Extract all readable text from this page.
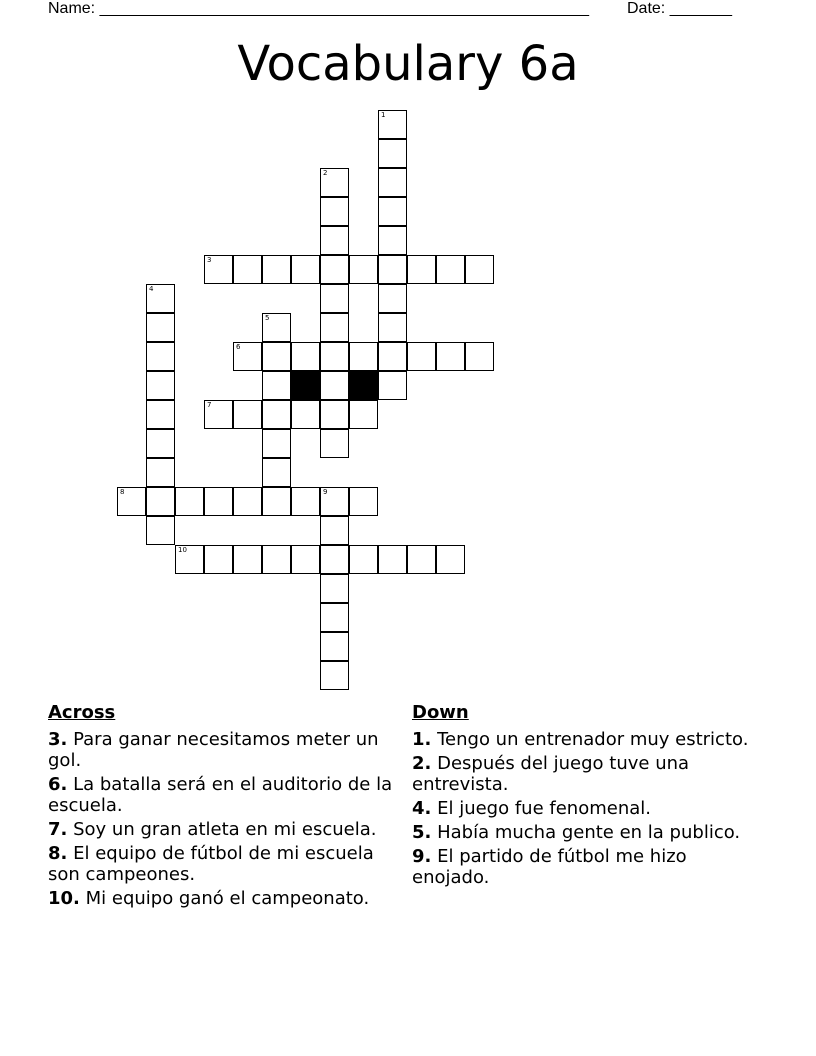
Name: _______________________________________________________ Date: _______
Vocabulary 6a
1
2
3
4
5
6
7
8	9
10
Across
3. Para ganar necesitamos meter un gol.
6. La batalla será en el auditorio de la escuela.
7. Soy un gran atleta en mi escuela.
8. El equipo de fútbol de mi escuela son campeones.
10. Mi equipo ganó el campeonato.
Down
1. Tengo un entrenador muy estricto.
2. Después del juego tuve una entrevista.
4. El juego fue fenomenal.
5. Había mucha gente en la publico.
9. El partido de fútbol me hizo enojado.
